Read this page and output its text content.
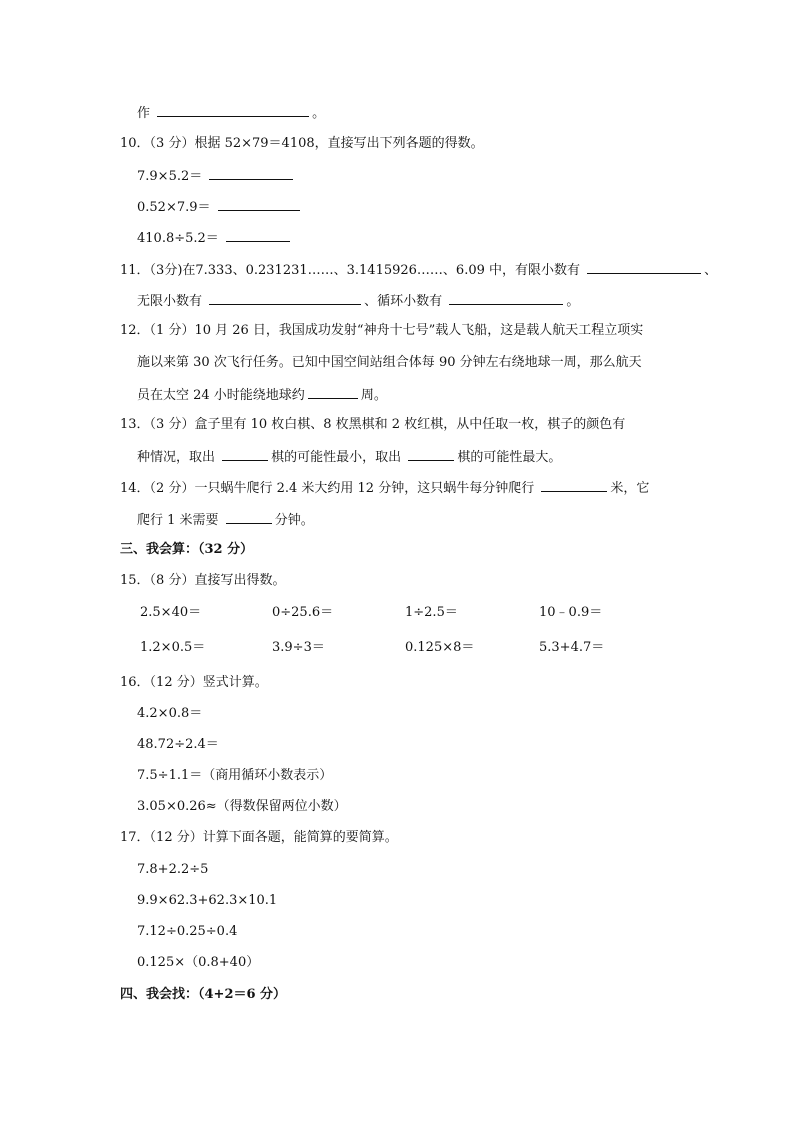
作	。
10．（3 分）根据 52×79＝4108，直接写出下列各题的得数。
7.9×5.2＝
0.52×7.9＝
410.8÷5.2＝
11．（3分)在7.333、0.231231……、3.1415926……、6.09 中，有限小数有	、
无限小数有	、循环小数有	。
12．（1 分）10 月 26 日，我国成功发射“神舟十七号”载人飞船，这是载人航天工程立项实
施以来第 30 次飞行任务。已知中国空间站组合体每 90 分钟左右绕地球一周，那么航天
员在太空 24 小时能绕地球约	周。
13．（3 分）盒子里有 10 枚白棋、8 枚黑棋和 2 枚红棋，从中任取一枚，棋子的颜色有
种情况，取出	棋的可能性最小，取出	棋的可能性最大。
14．（2 分）一只蜗牛爬行 2.4 米大约用 12 分钟，这只蜗牛每分钟爬行	米，它
爬行 1 米需要	分钟。
三、我会算：（32 分）
15．（8 分）直接写出得数。
2.5×40＝	0÷25.6＝	1÷2.5＝	10﹣0.9＝
1.2×0.5＝	3.9÷3＝	0.125×8＝	5.3+4.7＝
16．（12 分）竖式计算。
4.2×0.8＝
48.72÷2.4＝
7.5÷1.1＝（商用循环小数表示）
3.05×0.26≈（得数保留两位小数）
17．（12 分）计算下面各题，能简算的要简算。
7.8+2.2÷5
9.9×62.3+62.3×10.1
7.12÷0.25÷0.4
0.125×（0.8+40）
四、我会找：（4+2＝6 分）
